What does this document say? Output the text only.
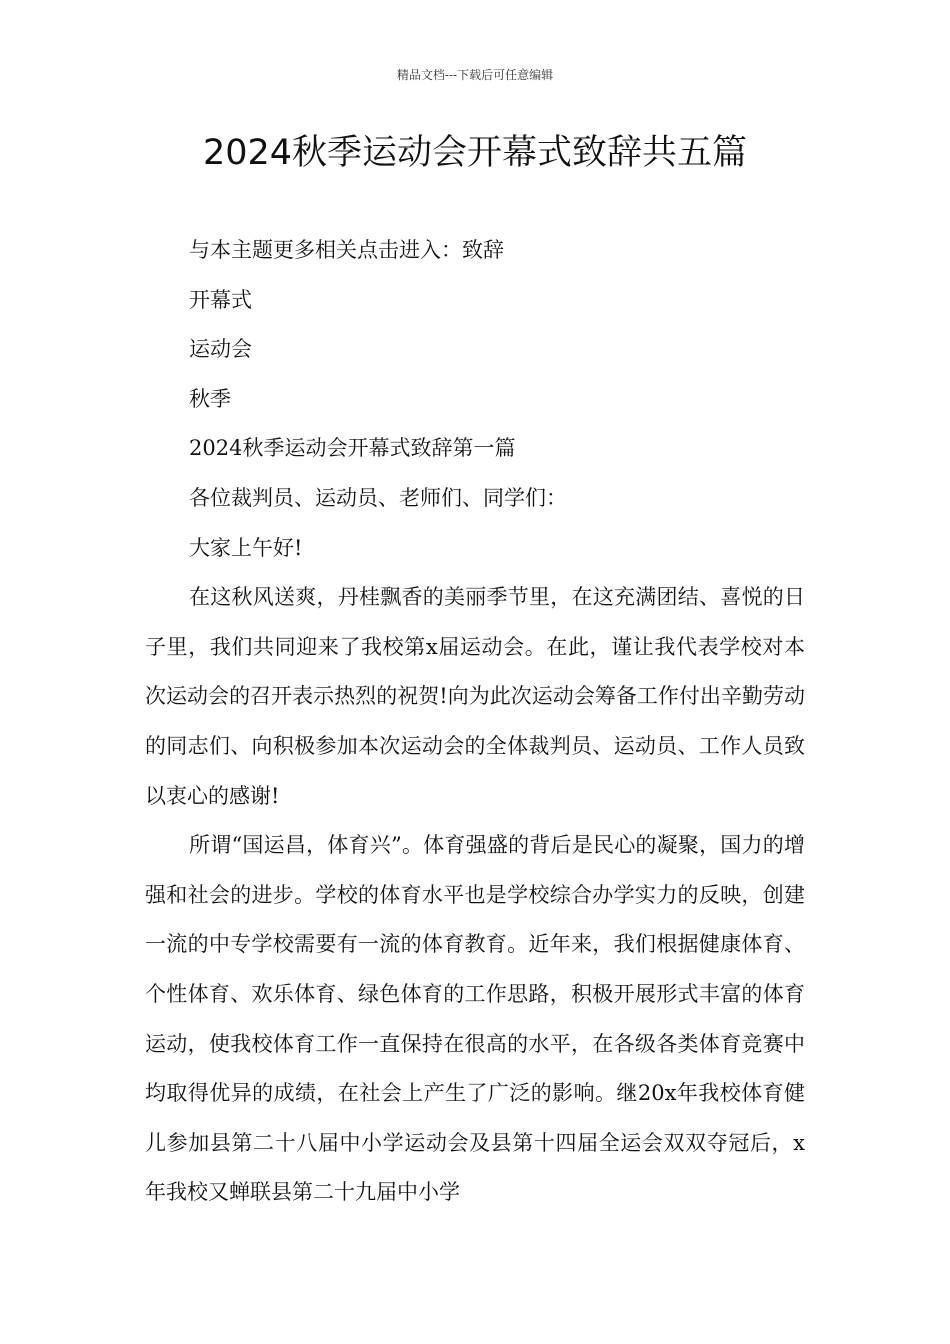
精品文档---下载后可任意编辑
2024秋季运动会开幕式致辞共五篇

与本主题更多相关点击进入：致辞

开幕式

运动会

秋季

2024秋季运动会开幕式致辞第一篇

各位裁判员、运动员、老师们、同学们：

大家上午好!

在这秋风送爽，丹桂飘香的美丽季节里，在这充满团结、喜悦的日子里，我们共同迎来了我校第x届运动会。在此，谨让我代表学校对本次运动会的召开表示热烈的祝贺!向为此次运动会筹备工作付出辛勤劳动的同志们、向积极参加本次运动会的全体裁判员、运动员、工作人员致以衷心的感谢!

所谓“国运昌，体育兴”。体育强盛的背后是民心的凝聚，国力的增强和社会的进步。学校的体育水平也是学校综合办学实力的反映，创建一流的中专学校需要有一流的体育教育。近年来，我们根据健康体育、个性体育、欢乐体育、绿色体育的工作思路，积极开展形式丰富的体育运动，使我校体育工作一直保持在很高的水平，在各级各类体育竞赛中均取得优异的成绩，在社会上产生了广泛的影响。继20x年我校体育健儿参加县第二十八届中小学运动会及县第十四届全运会双双夺冠后，x年我校又蝉联县第二十九届中小学
